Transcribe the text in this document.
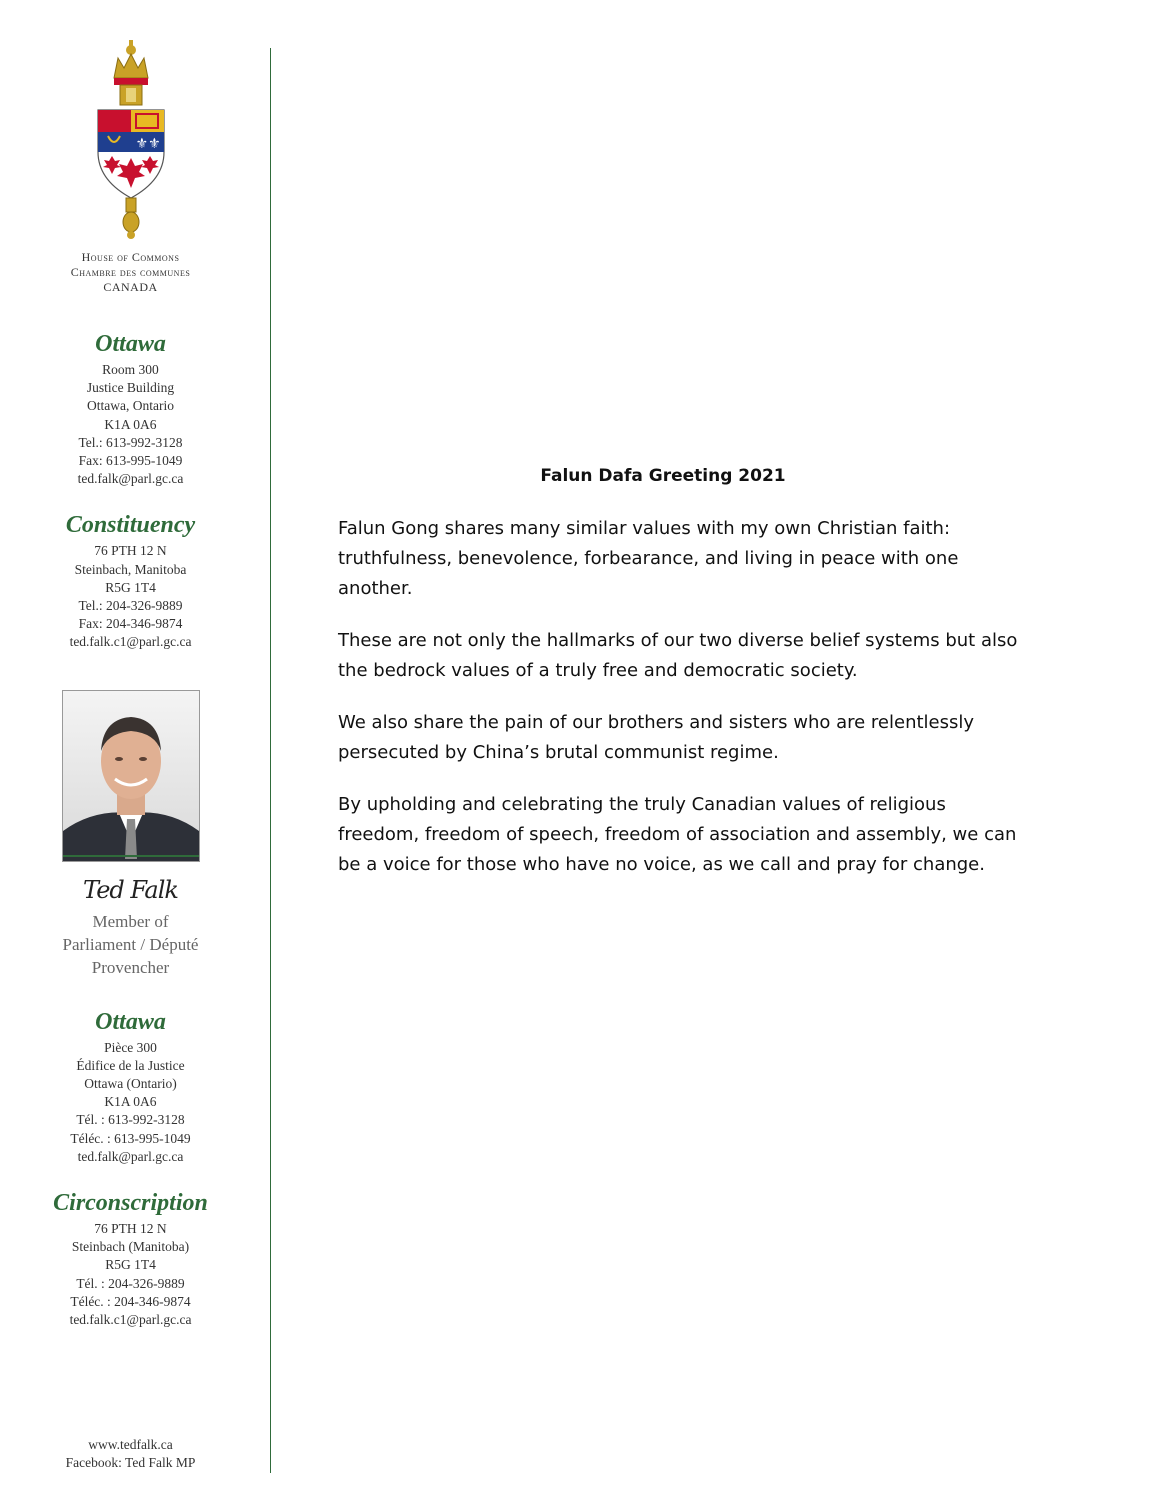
⚜⚜
House of Commons
Chambre des communes
CANADA
Ottawa
Room 300
Justice Building
Ottawa, Ontario
K1A 0A6
Tel.: 613-992-3128
Fax: 613-995-1049
ted.falk@parl.gc.ca
Constituency
76 PTH 12 N
Steinbach, Manitoba
R5G 1T4
Tel.: 204-326-9889
Fax: 204-346-9874
ted.falk.c1@parl.gc.ca
Ted Falk
Member of
Parliament / Député
Provencher
Ottawa
Pièce 300
Édifice de la Justice
Ottawa (Ontario)
K1A 0A6
Tél. : 613-992-3128
Téléc. : 613-995-1049
ted.falk@parl.gc.ca
Circonscription
76 PTH 12 N
Steinbach (Manitoba)
R5G 1T4
Tél. : 204-326-9889
Téléc. : 204-346-9874
ted.falk.c1@parl.gc.ca
www.tedfalk.ca
Facebook: Ted Falk MP
Falun Dafa Greeting 2021

Falun Gong shares many similar values with my own Christian faith: truthfulness, benevolence, forbearance, and living in peace with one another.

These are not only the hallmarks of our two diverse belief systems but also the bedrock values of a truly free and democratic society.

We also share the pain of our brothers and sisters who are relentlessly persecuted by China’s brutal communist regime.

By upholding and celebrating the truly Canadian values of religious freedom, freedom of speech, freedom of association and assembly, we can be a voice for those who have no voice, as we call and pray for change.
